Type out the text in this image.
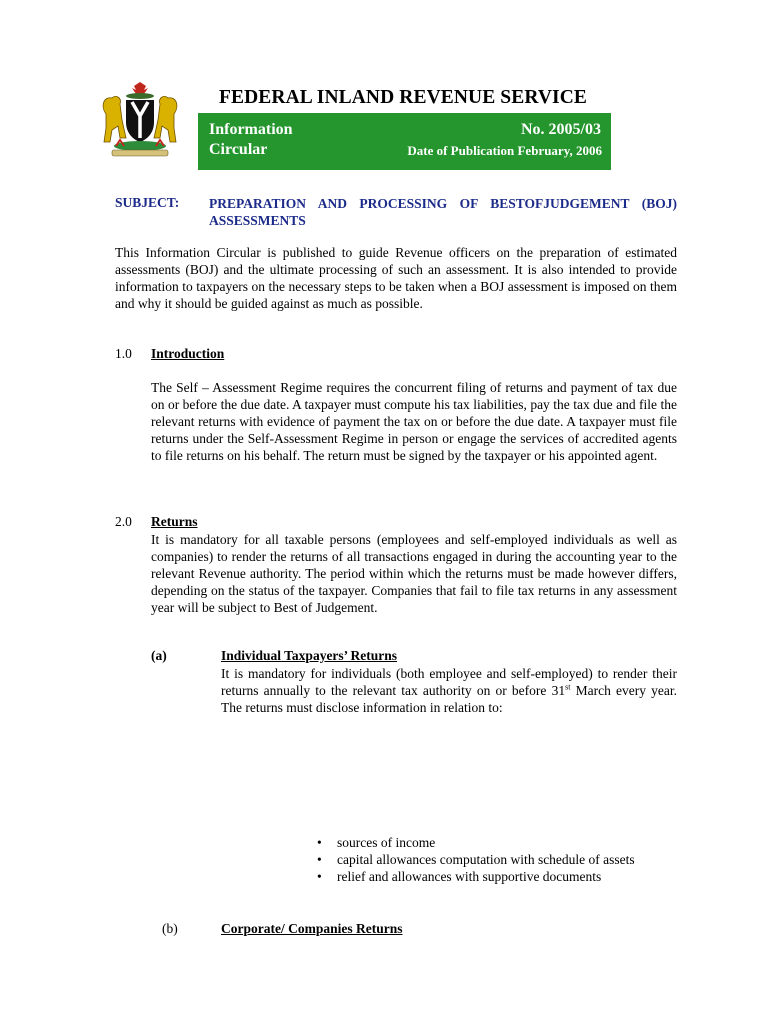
FEDERAL INLAND REVENUE SERVICE
Information
Circular
No. 2005/03
Date of Publication February, 2006
SUBJECT: PREPARATION AND PROCESSING OF BESTOFJUDGEMENT (BOJ) ASSESSMENTS
This Information Circular is published to guide Revenue officers on the preparation of estimated assessments (BOJ) and the ultimate processing of such an assessment. It is also intended to provide information to taxpayers on the necessary steps to be taken when a BOJ assessment is imposed on them and why it should be guided against as much as possible.
1.0 Introduction
The Self – Assessment Regime requires the concurrent filing of returns and payment of tax due on or before the due date. A taxpayer must compute his tax liabilities, pay the tax due and file the relevant returns with evidence of payment the tax on or before the due date. A taxpayer must file returns under the Self-Assessment Regime in person or engage the services of accredited agents to file returns on his behalf. The return must be signed by the taxpayer or his appointed agent.
2.0 Returns
It is mandatory for all taxable persons (employees and self-employed individuals as well as companies) to render the returns of all transactions engaged in during the accounting year to the relevant Revenue authority. The period within which the returns must be made however differs, depending on the status of the taxpayer. Companies that fail to file tax returns in any assessment year will be subject to Best of Judgement.
(a)	Individual Taxpayers’ Returns
It is mandatory for individuals (both employee and self-employed) to render their returns annually to the relevant tax authority on or before 31st March every year. The returns must disclose information in relation to:
• sources of income
• capital allowances computation with schedule of assets
• relief and allowances with supportive documents
(b)	Corporate/ Companies Returns
